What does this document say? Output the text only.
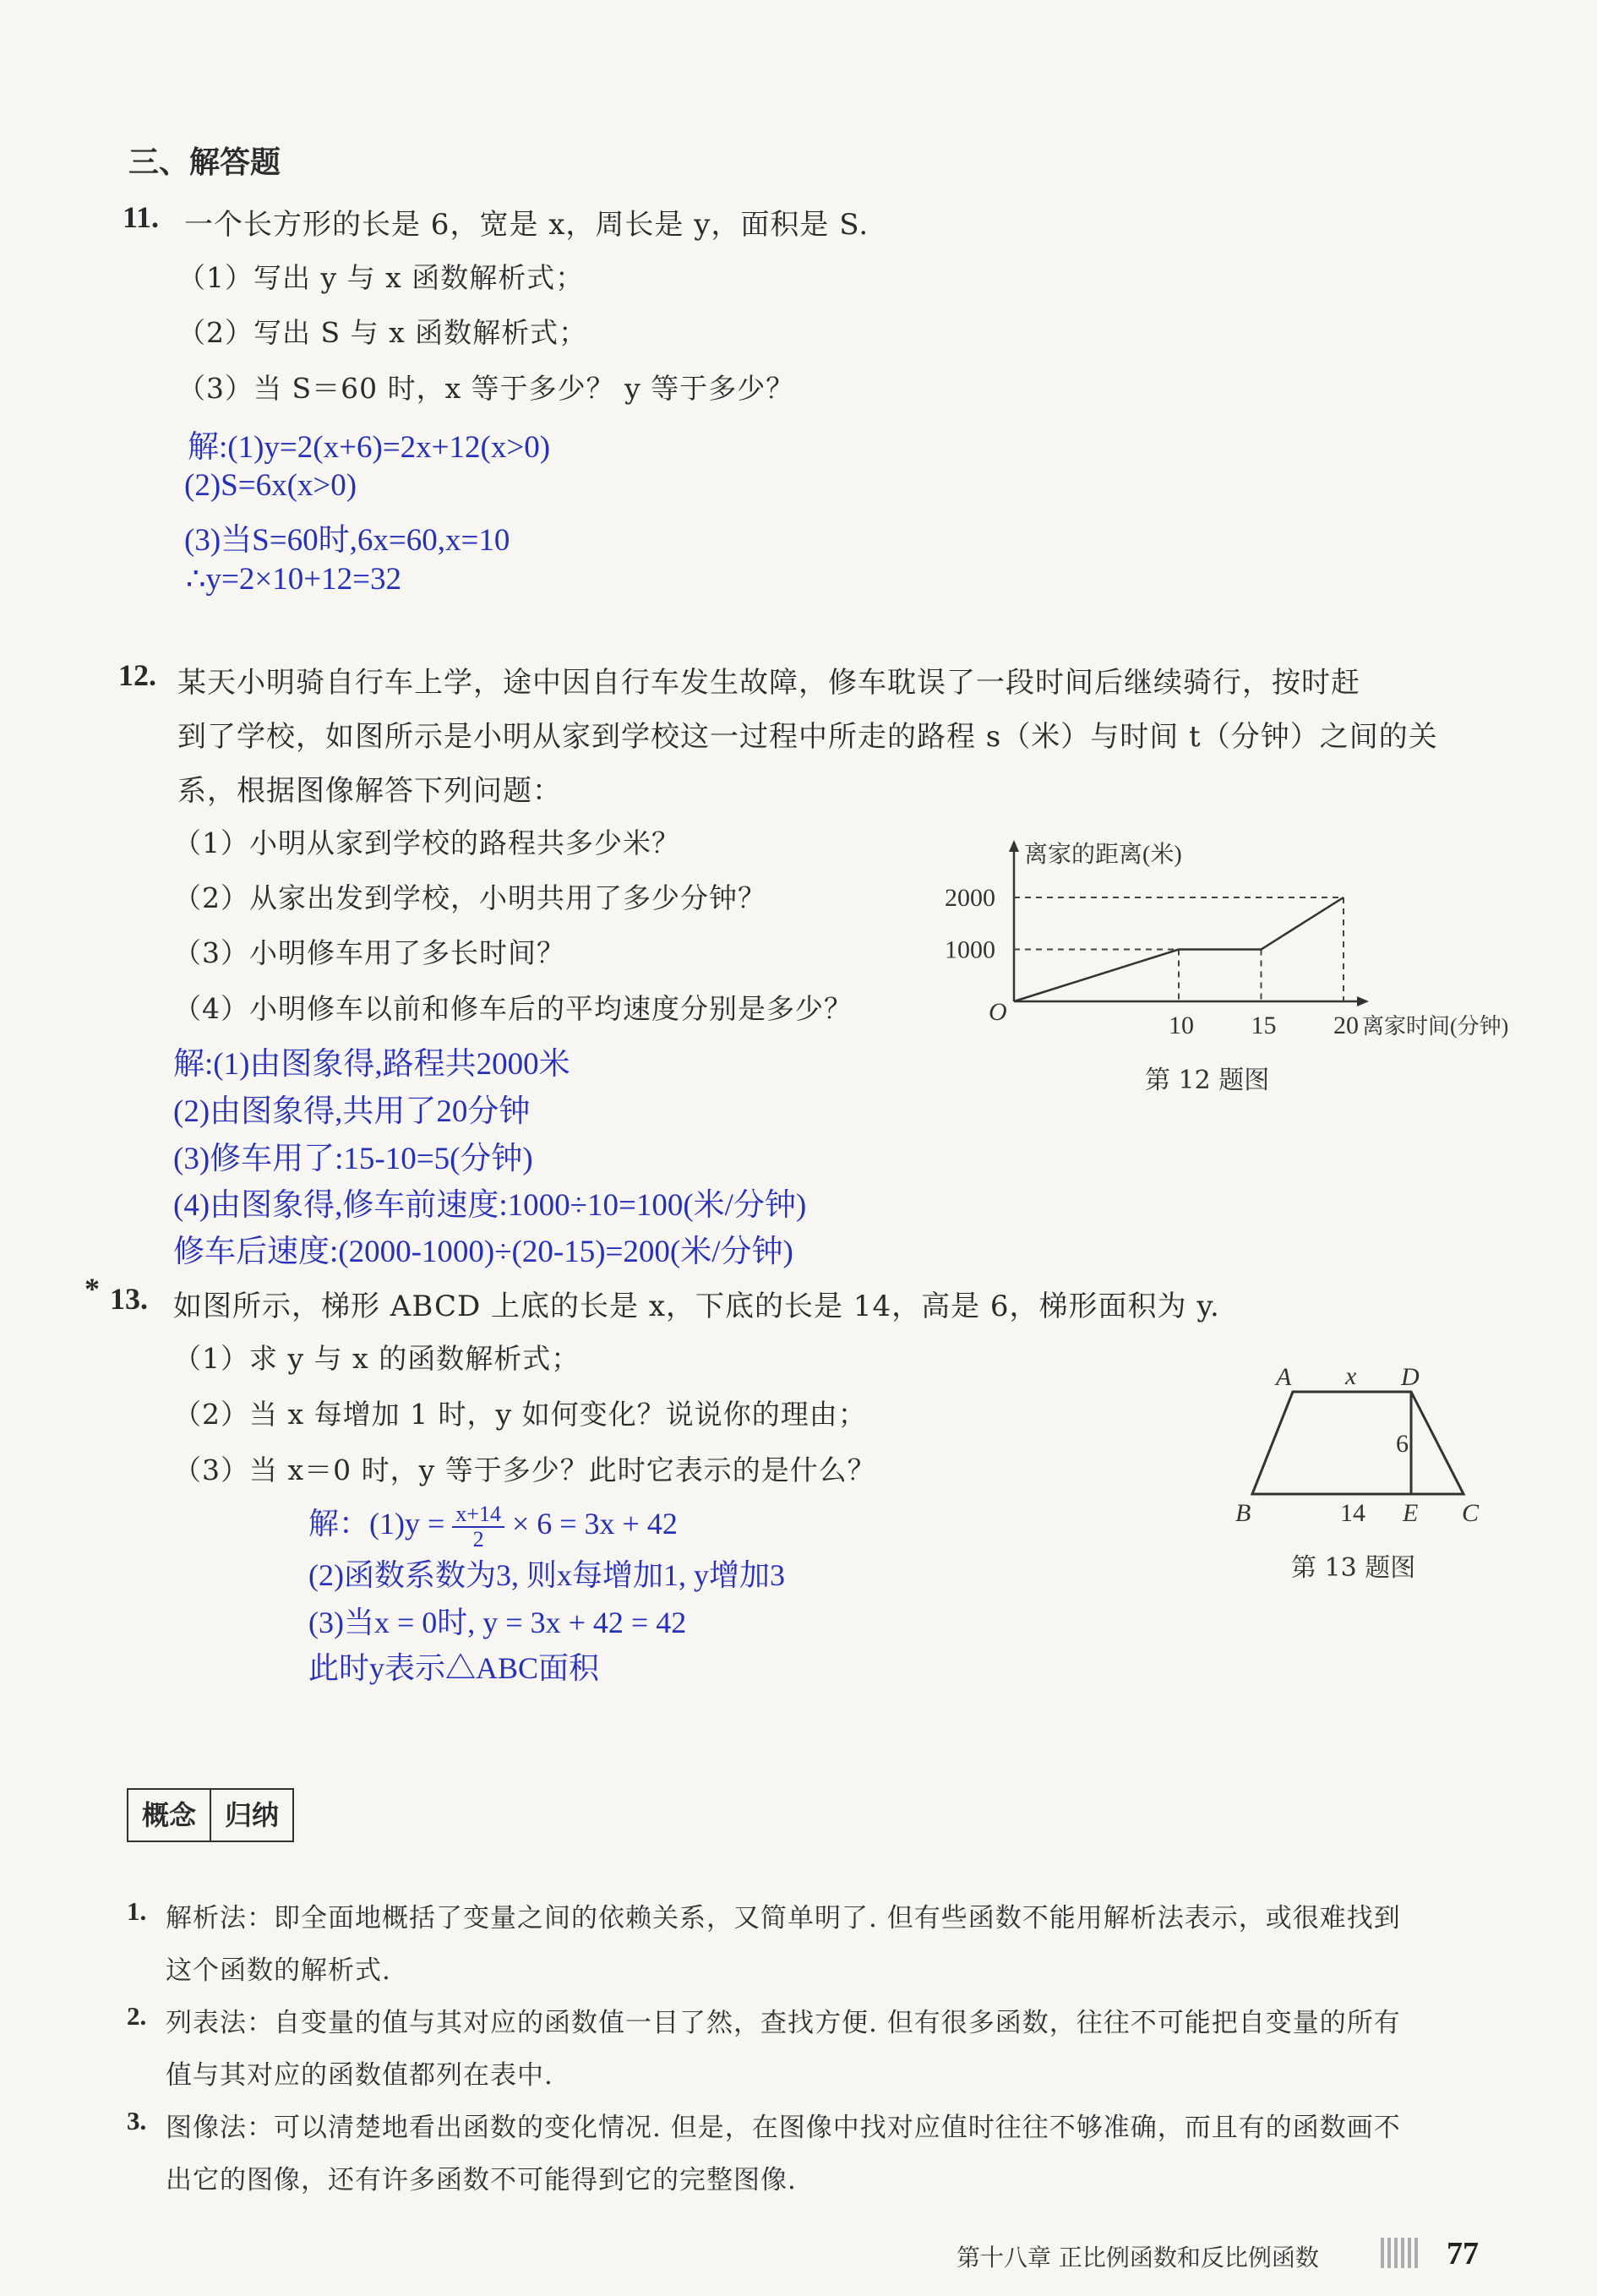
三、解答题
11. 一个长方形的长是 6，宽是 x，周长是 y，面积是 S.
（1）写出 y 与 x 函数解析式；
（2）写出 S 与 x 函数解析式；
（3）当 S＝60 时，x 等于多少？ y 等于多少？
解:(1)y=2(x+6)=2x+12(x>0)
(2)S=6x(x>0)
(3)当S=60时,6x=60,x=10
∴y=2×10+12=32
12. 某天小明骑自行车上学，途中因自行车发生故障，修车耽误了一段时间后继续骑行，按时赶
到了学校，如图所示是小明从家到学校这一过程中所走的路程 s（米）与时间 t（分钟）之间的关
系，根据图像解答下列问题：
（1）小明从家到学校的路程共多少米？
（2）从家出发到学校，小明共用了多少分钟？
（3）小明修车用了多长时间？
（4）小明修车以前和修车后的平均速度分别是多少？
解:(1)由图象得,路程共2000米
(2)由图象得,共用了20分钟
(3)修车用了:15-10=5(分钟)
(4)由图象得,修车前速度:1000÷10=100(米/分钟)
修车后速度:(2000-1000)÷(20-15)=200(米/分钟)
10 15 20
1000
2000
O
离家的距离(米)
离家时间(分钟)
第 12 题图
* 13. 如图所示，梯形 ABCD 上底的长是 x，下底的长是 14，高是 6，梯形面积为 y.
（1）求 y 与 x 的函数解析式；
（2）当 x 每增加 1 时，y 如何变化？说说你的理由；
（3）当 x＝0 时，y 等于多少？此时它表示的是什么？
解：$(1)y = \frac{x+14}{2} \times 6 = 3x + 42$
(2)函数系数为3, 则x每增加1, y增加3
(3)当x = 0时, y = 3x + 42 = 42
此时y表示△ABC面积
A	D
B	C
E
x
6
14
第 13 题图
概念	归纳
1. 解析法：即全面地概括了变量之间的依赖关系，又简单明了. 但有些函数不能用解析法表示，或很难找到
这个函数的解析式.
2. 列表法：自变量的值与其对应的函数值一目了然，查找方便. 但有很多函数，往往不可能把自变量的所有
值与其对应的函数值都列在表中.
3. 图像法：可以清楚地看出函数的变化情况. 但是，在图像中找对应值时往往不够准确，而且有的函数画不
出它的图像，还有许多函数不可能得到它的完整图像.
第十八章 正比例函数和反比例函数	77
